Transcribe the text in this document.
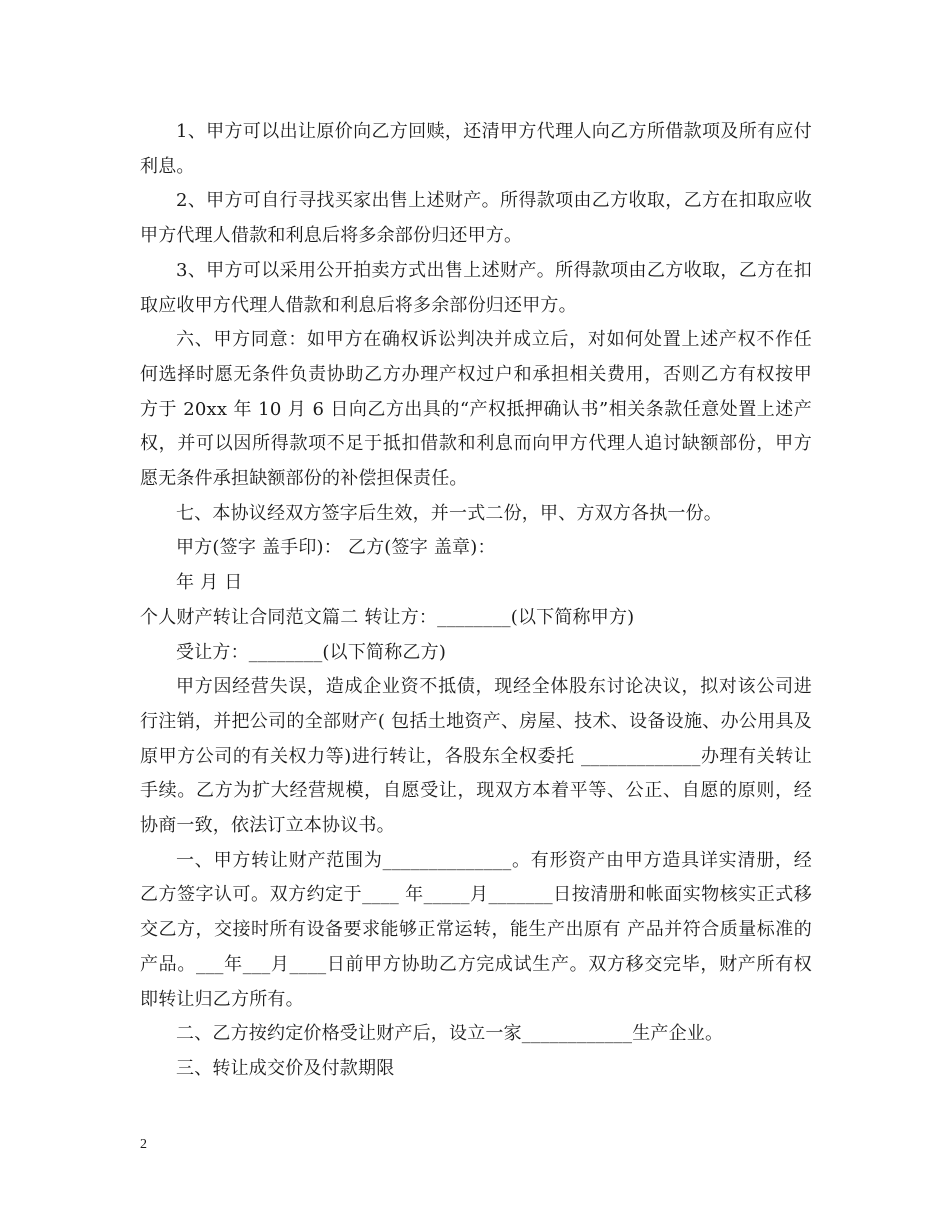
1、甲方可以出让原价向乙方回赎，还清甲方代理人向乙方所借款项及所有应付利息。

2、甲方可自行寻找买家出售上述财产。所得款项由乙方收取，乙方在扣取应收甲方代理人借款和利息后将多余部份归还甲方。

3、甲方可以采用公开拍卖方式出售上述财产。所得款项由乙方收取，乙方在扣取应收甲方代理人借款和利息后将多余部份归还甲方。

六、甲方同意：如甲方在确权诉讼判决并成立后，对如何处置上述产权不作任何选择时愿无条件负责协助乙方办理产权过户和承担相关费用，否则乙方有权按甲方于 20xx 年 10 月 6 日向乙方出具的“产权抵押确认书”相关条款任意处置上述产权，并可以因所得款项不足于抵扣借款和利息而向甲方代理人追讨缺额部份，甲方愿无条件承担缺额部份的补偿担保责任。

七、本协议经双方签字后生效，并一式二份，甲、方双方各执一份。

甲方(签字 盖手印)： 乙方(签字 盖章)：

年 月 日

个人财产转让合同范文篇二 转让方：________(以下简称甲方)

受让方：________(以下简称乙方)

甲方因经营失误，造成企业资不抵债，现经全体股东讨论决议，拟对该公司进行注销，并把公司的全部财产( 包括土地资产、房屋、技术、设备设施、办公用具及原甲方公司的有关权力等)进行转让，各股东全权委托 _____________办理有关转让手续。乙方为扩大经营规模，自愿受让，现双方本着平等、公正、自愿的原则，经 协商一致，依法订立本协议书。

一、甲方转让财产范围为______________。有形资产由甲方造具详实清册，经乙方签字认可。双方约定于____ 年_____月_______日按清册和帐面实物核实正式移交乙方，交接时所有设备要求能够正常运转，能生产出原有 产品并符合质量标准的产品。___年___月____日前甲方协助乙方完成试生产。双方移交完毕，财产所有权即转让归乙方所有。

二、乙方按约定价格受让财产后，设立一家____________生产企业。

三、转让成交价及付款期限

2
